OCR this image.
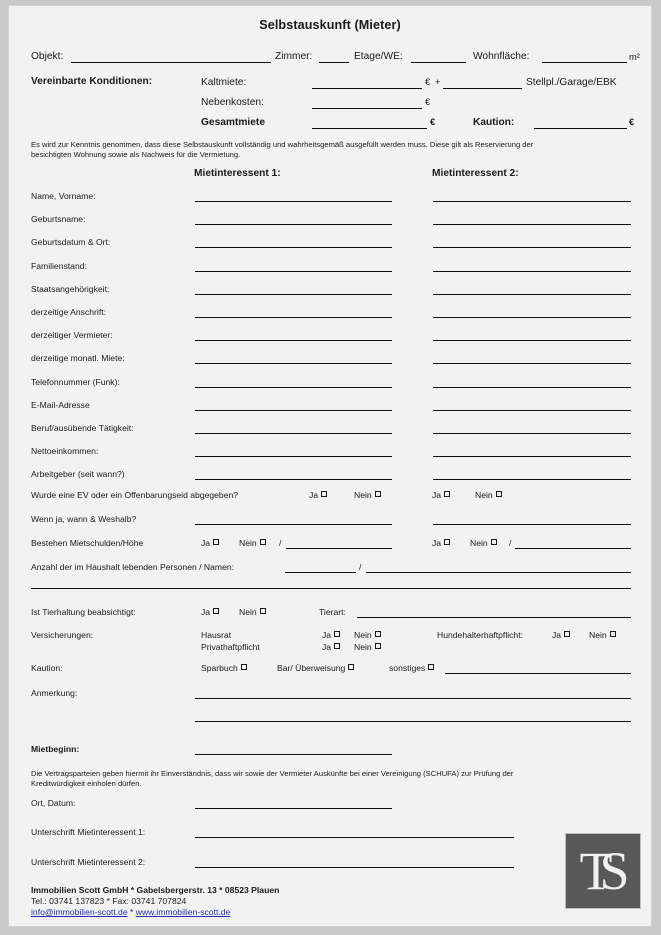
Selbstauskunft (Mieter)
Objekt:	Zimmer:	Etage/WE:	Wohnfläche:	m²
Vereinbarte Konditionen:	Kaltmiete:	€ +	Stellpl./Garage/EBK
Nebenkosten:	€
Gesamtmiete	€	Kaution:	€
Es wird zur Kenntnis genommen, dass diese Selbstauskunft vollständig und wahrheitsgemäß ausgefüllt werden muss. Diese gilt als Reservierung der
besichtigten Wohnung sowie als Nachweis für die Vermietung.
Mietinteressent 1:	Mietinteressent 2:
Name, Vorname:
Geburtsname:
Geburtsdatum & Ort:
Familienstand:
Staatsangehörigkeit:
derzeitige Anschrift:
derzeitiger Vermieter:
derzeitige monatl. Miete:
Telefonnummer (Funk):
E-Mail-Adresse
Beruf/ausübende Tätigkeit:
Nettoeinkommen:
Arbeitgeber (seit wann?)
Wurde eine EV oder ein Offenbarungseid abgegeben?	Ja	Nein	Ja	Nein
Wenn ja, wann & Weshalb?
Bestehen Mietschulden/Höhe	Ja	Nein	/	Ja	Nein	/
Anzahl der im Haushalt lebenden Personen / Namen:	/
Ist Tierhaltung beabsichtigt:	Ja	Nein	Tierart:
Versicherungen:	Hausrat	Ja	Nein	Hundehalterhaftpflicht:	Ja	Nein
Privathaftpflicht	Ja	Nein
Kaution:	Sparbuch	Bar/ Überweisung	sonstiges
Anmerkung:
Mietbeginn:
Die Vertragsparteien geben hiermit ihr Einverständnis, dass wir sowie der Vermieter Auskünfte bei einer Vereinigung (SCHUFA) zur Prüfung der
Kreditwürdigkeit einholen dürfen.
Ort, Datum:
Unterschrift Mietinteressent 1:
Unterschrift Mietinteressent 2:	TS
Immobilien Scott GmbH * Gabelsbergerstr. 13 * 08523 Plauen
Tel.: 03741 137823 * Fax: 03741 707824
info@immobilien-scott.de * www.immobilien-scott.de
